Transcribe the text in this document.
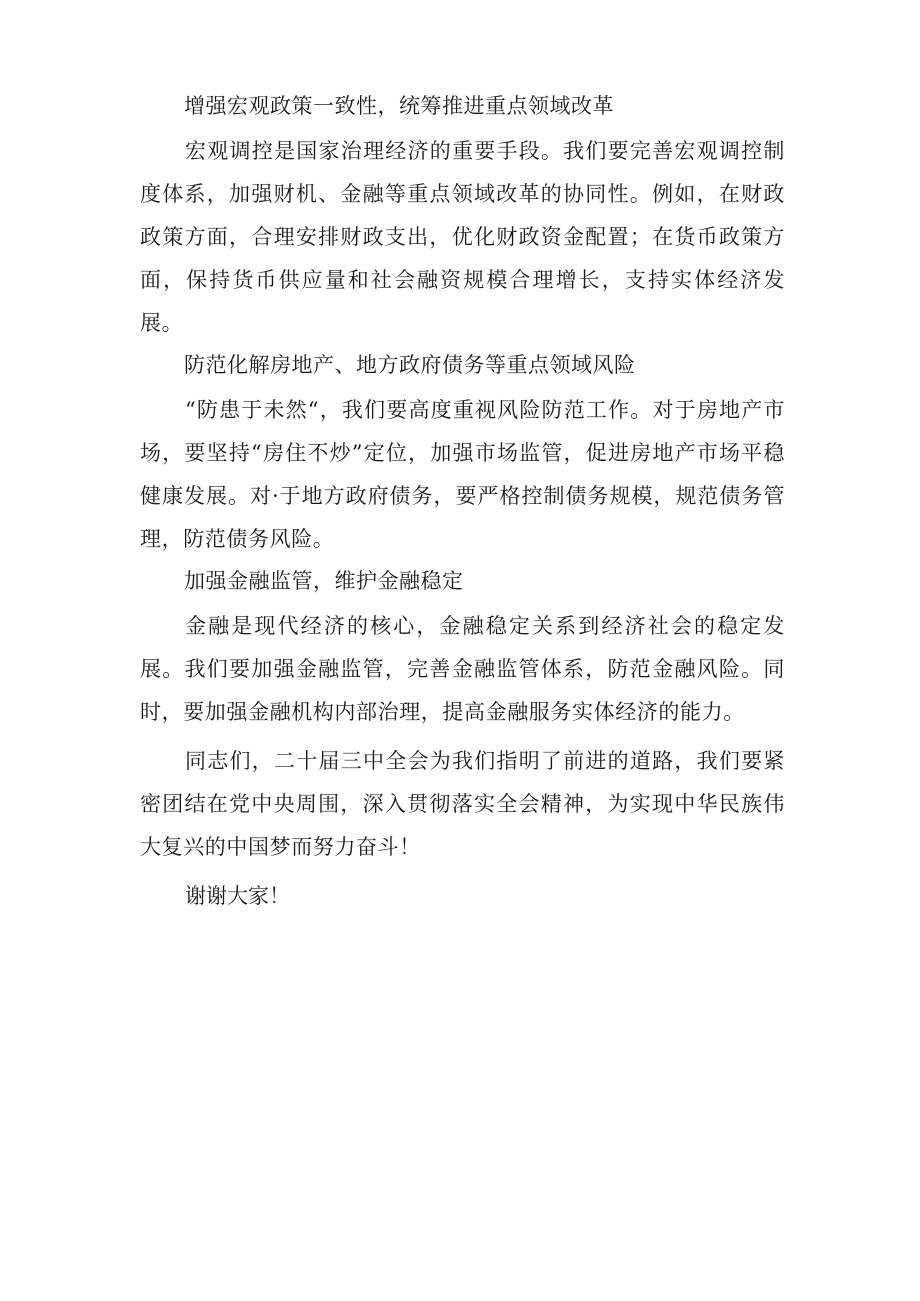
增强宏观政策一致性，统筹推进重点领域改革

宏观调控是国家治理经济的重要手段。我们要完善宏观调控制度体系，加强财机、金融等重点领域改革的协同性。例如，在财政政策方面，合理安排财政支出，优化财政资金配置；在货币政策方面，保持货币供应量和社会融资规模合理增长，支持实体经济发展。

防范化解房地产、地方政府债务等重点领域风险

“防患于未然“，我们要高度重视风险防范工作。对于房地产市场，要坚持“房住不炒”定位，加强市场监管，促进房地产市场平稳健康发展。对·于地方政府债务，要严格控制债务规模，规范债务管理，防范债务风险。

加强金融监管，维护金融稳定

金融是现代经济的核心，金融稳定关系到经济社会的稳定发展。我们要加强金融监管，完善金融监管体系，防范金融风险。同时，要加强金融机构内部治理，提高金融服务实体经济的能力。

同志们，二十届三中全会为我们指明了前进的道路，我们要紧密团结在党中央周围，深入贯彻落实全会精神，为实现中华民族伟大复兴的中国梦而努力奋斗！

谢谢大家！
